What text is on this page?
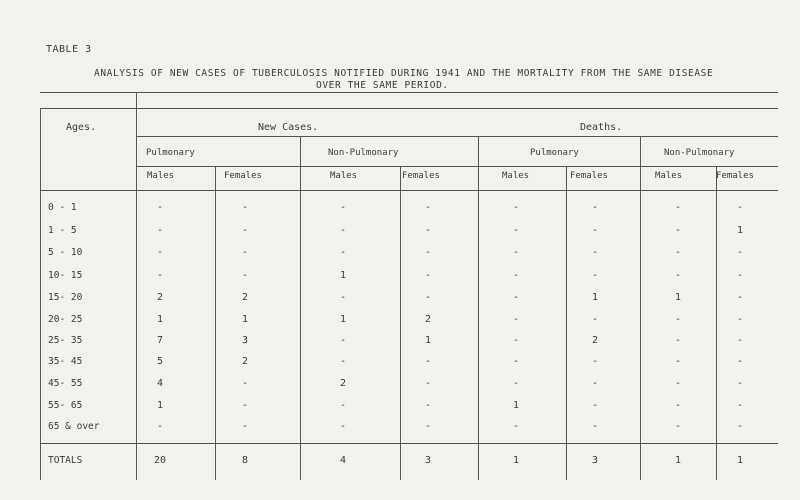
TABLE 3
ANALYSIS OF NEW CASES OF TUBERCULOSIS NOTIFIED DURING 1941 AND THE MORTALITY FROM THE SAME DISEASE
OVER THE SAME PERIOD.
Ages.	New Cases.	Deaths.
Pulmonary	Non-Pulmonary	Pulmonary	Non-Pulmonary
Males	Females	Males	Females	Males	Females	Males	Females
0 - 1	-	-	-	-	-	-	-	-
1 - 5	-	-	-	-	-	-	-	1
5 - 10	-	-	-	-	-	-	-	-
10- 15	-	-	1	-	-	-	-	-
15- 20	2	2	-	-	-	1	1	-
20- 25	1	1	1	2	-	-	-	-
25- 35	7	3	-	1	-	2	-	-
35- 45	5	2	-	-	-	-	-	-
45- 55	4	-	2	-	-	-	-	-
55- 65	1	-	-	-	1	-	-	-
65 & over	-	-	-	-	-	-	-	-
TOTALS	20	8	4	3	1	3	1	1
